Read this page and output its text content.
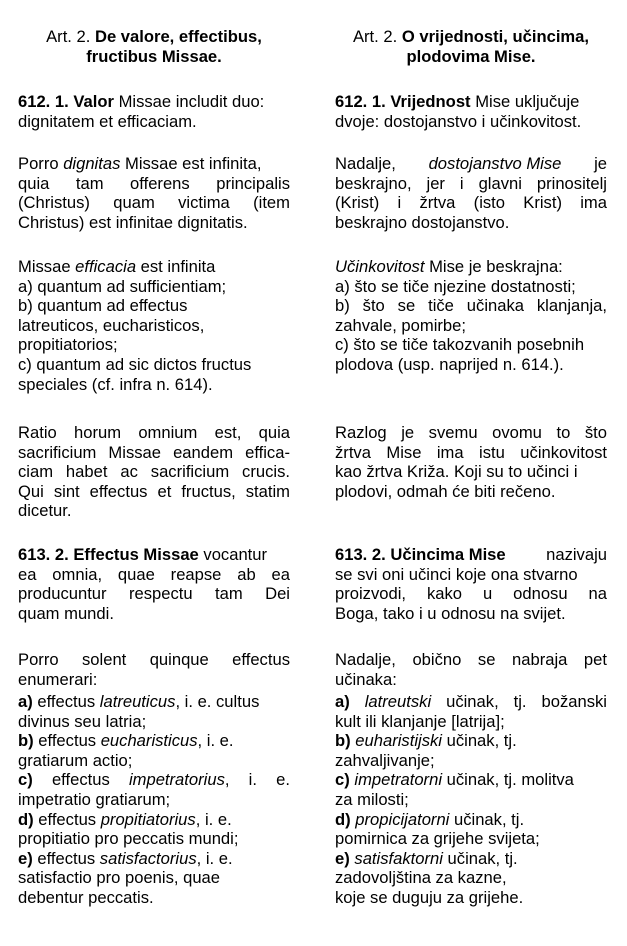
Art. 2. De valore, effectibus,
fructibus Missae.
612. 1. Valor Missae includit duo:
dignitatem et efficaciam.
Porro dignitas Missae est infinita,
quia tam offerens principalis
(Christus) quam victima (item
Christus) est infinitae dignitatis.
Missae efficacia est infinita
a) quantum ad sufficientiam;
b) quantum ad effectus
latreuticos, eucharisticos,
propitiatorios;
c) quantum ad sic dictos fructus
speciales (cf. infra n. 614).
Ratio horum omnium est, quia
sacrificium Missae eandem effica-
ciam habet ac sacrificium crucis.
Qui sint effectus et fructus, statim
dicetur.
613. 2. Effectus Missae vocantur
ea omnia, quae reapse ab ea
producuntur respectu tam Dei
quam mundi.
Porro solent quinque effectus
enumerari:
a) effectus latreuticus, i. e. cultus
divinus seu latria;
b) effectus eucharisticus, i. e.
gratiarum actio;
c) effectus impetratorius, i. e.
impetratio gratiarum;
d) effectus propitiatorius, i. e.
propitiatio pro peccatis mundi;
e) effectus satisfactorius, i. e.
satisfactio pro poenis, quae
debentur peccatis.
Art. 2. O vrijednosti, učincima,
plodovima Mise.
612. 1. Vrijednost Mise uključuje
dvoje: dostojanstvo i učinkovitost.
Nadalje, dostojanstvo Mise je
beskrajno, jer i glavni prinositelj
(Krist) i žrtva (isto Krist) ima
beskrajno dostojanstvo.
Učinkovitost Mise je beskrajna:
a) što se tiče njezine dostatnosti;
b) što se tiče učinaka klanjanja,
zahvale, pomirbe;
c) što se tiče takozvanih posebnih
plodova (usp. naprijed n. 614.).
Razlog je svemu ovomu to što
žrtva Mise ima istu učinkovitost
kao žrtva Križa. Koji su to učinci i
plodovi, odmah će biti rečeno.
613. 2. Učincima Mise nazivaju
se svi oni učinci koje ona stvarno
proizvodi, kako u odnosu na
Boga, tako i u odnosu na svijet.
Nadalje, obično se nabraja pet
učinaka:
a) latreutski učinak, tj. božanski
kult ili klanjanje [latrija];
b) euharistijski učinak, tj.
zahvaljivanje;
c) impetratorni učinak, tj. molitva
za milosti;
d) propicijatorni učinak, tj.
pomirnica za grijehe svijeta;
e) satisfaktorni učinak, tj.
zadovoljština za kazne,
koje se duguju za grijehe.
